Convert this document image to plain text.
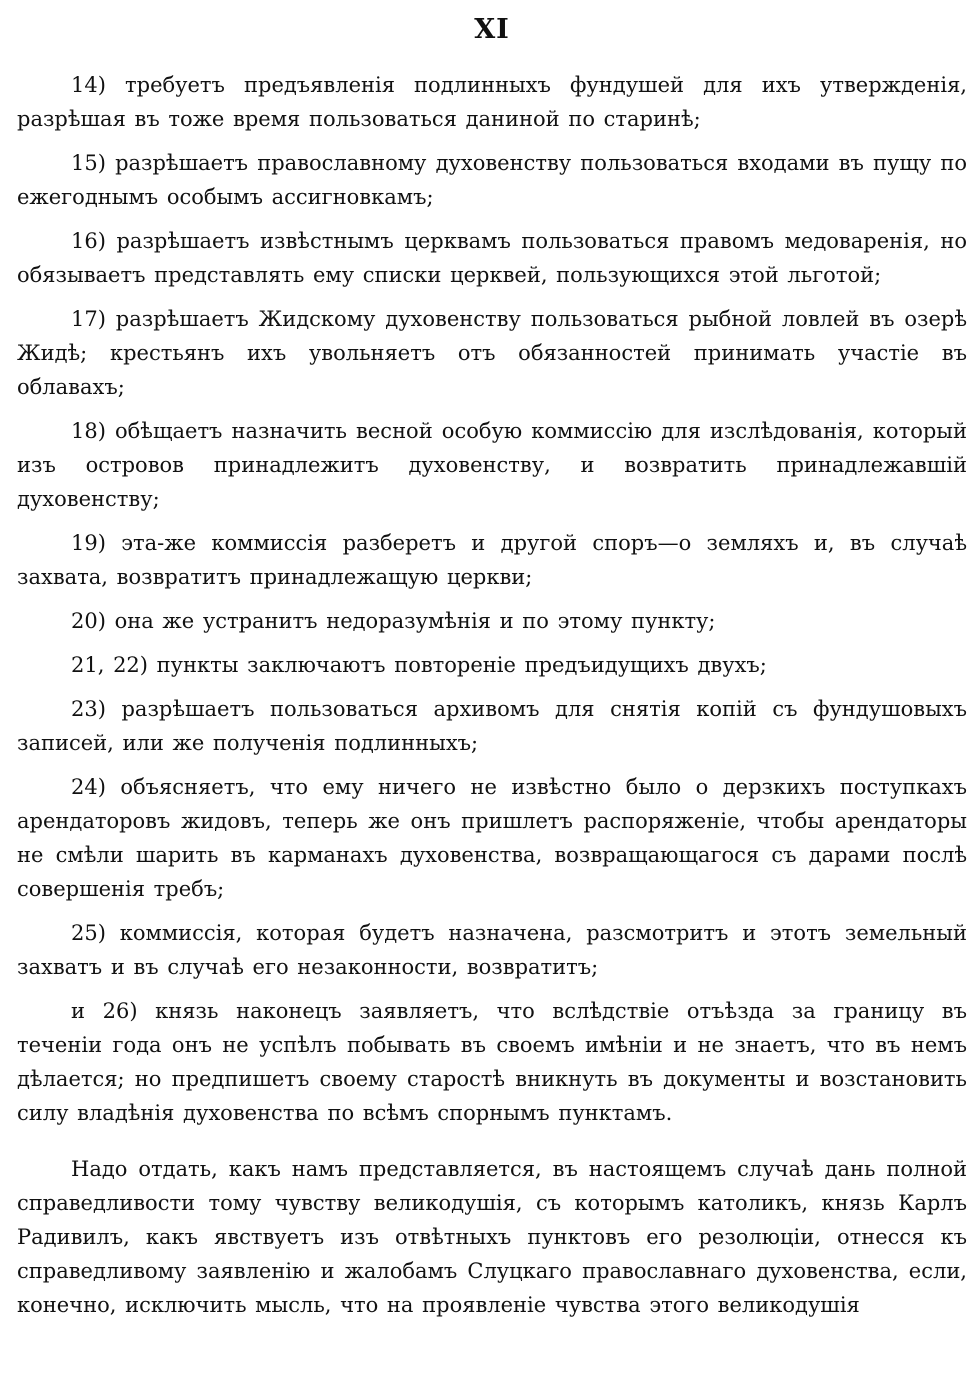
XI

14) требуетъ предъявленія подлинныхъ фундушей для ихъ утвержденія, разрѣшая въ тоже время пользоваться даниной по старинѣ;

15) разрѣшаетъ православному духовенству пользоваться входами въ пущу по ежегоднымъ особымъ ассигновкамъ;

16) разрѣшаетъ извѣстнымъ церквамъ пользоваться правомъ медоваренія, но обязываетъ представлять ему списки церквей, пользующихся этой льготой;

17) разрѣшаетъ Жидскому духовенству пользоваться рыбной ловлей въ озерѣ Жидѣ; крестьянъ ихъ увольняетъ отъ обязанностей принимать участіе въ облавахъ;

18) обѣщаетъ назначить весной особую коммиссію для изслѣдованія, который изъ островов принадлежитъ духовенству, и возвратить принадлежавшій духовенству;

19) эта-же коммиссія разберетъ и другой споръ—о земляхъ и, въ случаѣ захвата, возвратитъ принадлежащую церкви;

20) она же устранитъ недоразумѣнія и по этому пункту;

21, 22) пункты заключаютъ повтореніе предъидущихъ двухъ;

23) разрѣшаетъ пользоваться архивомъ для снятія копій съ фундушовыхъ записей, или же полученія подлинныхъ;

24) объясняетъ, что ему ничего не извѣстно было о дерзкихъ поступкахъ арендаторовъ жидовъ, теперь же онъ пришлетъ распоряженіе, чтобы арендаторы не смѣли шарить въ карманахъ духовенства, возвращающагося съ дарами послѣ совершенія требъ;

25) коммиссія, которая будетъ назначена, разсмотритъ и этотъ земельный захватъ и въ случаѣ его незаконности, возвратитъ;

и 26) князь наконецъ заявляетъ, что вслѣдствіе отъѣзда за границу въ теченіи года онъ не успѣлъ побывать въ своемъ имѣніи и не знаетъ, что въ немъ дѣлается; но предпишетъ своему старостѣ вникнуть въ документы и возстановить силу владѣнія духовенства по всѣмъ спорнымъ пунктамъ.

Надо отдать, какъ намъ представляется, въ настоящемъ случаѣ дань полной справедливости тому чувству великодушія, съ которымъ католикъ, князь Карлъ Радивилъ, какъ явствуетъ изъ отвѣтныхъ пунктовъ его резолюціи, отнесся къ справедливому заявленію и жалобамъ Слуцкаго православнаго духовенства, если, конечно, исключить мысль, что на проявленіе чувства этого великодушія
